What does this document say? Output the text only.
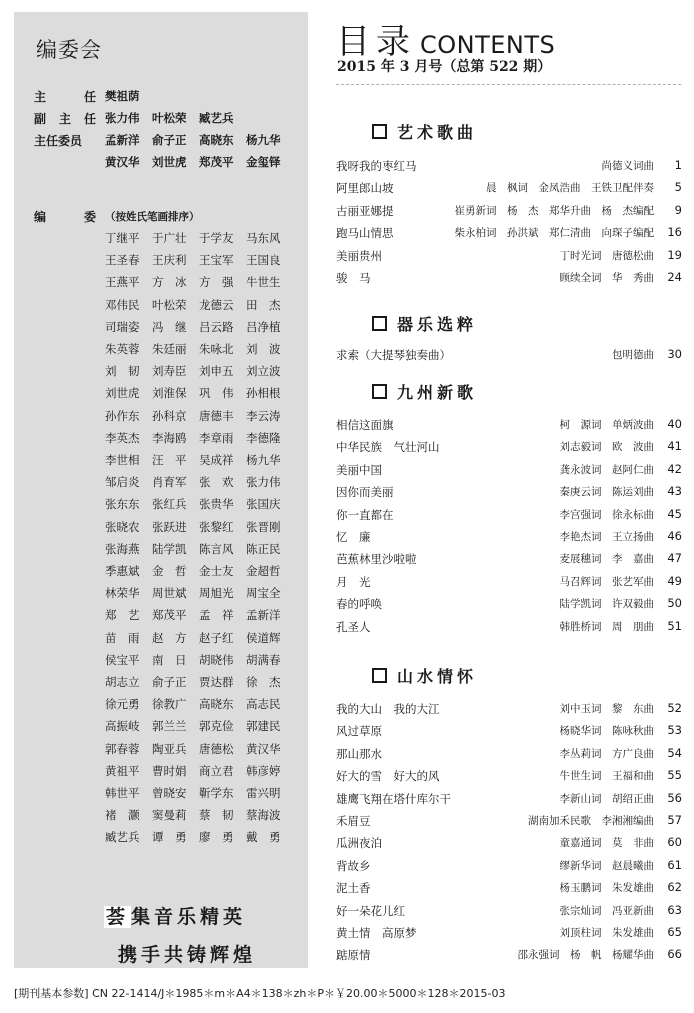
编委会
主	任 樊祖荫
副 主 任 张力伟 叶松荣 臧艺兵
主任委员	孟新洋 俞子正 高晓东 杨九华
黄汉华 刘世虎 郑茂平 金玺铎
编	委 （按姓氏笔画排序）
丁继平 于广壮 于学友 马东风
王圣春 王庆利 王宝军 王国良
王燕平 方　冰 方　强 牛世生
邓伟民 叶松荣 龙德云 田　杰
司瑞姿 冯　继 吕云路 吕净植
朱英蓉 朱廷丽 朱咏北 刘　波
刘　韧 刘寿臣 刘申五 刘立波
刘世虎 刘淮保 巩　伟 孙相根
孙作东 孙科京 唐德丰 李云涛
李英杰 李海鸥 李章雨 李德隆
李世相 汪　平 吴成祥 杨九华
邹启炎 肖育军 张　欢 张力伟
张东东 张红兵 张贵华 张国庆
张晓农 张跃进 张黎红 张晋刚
张海燕 陆学凯 陈言风 陈正民
季惠斌 金　哲 金士友 金超哲
林荣华 周世斌 周旭光 周宝全
郑　艺 郑茂平 孟　祥 孟新洋
苗　雨 赵　方 赵子红 侯道辉
侯宝平 南　日 胡晓伟 胡满春
胡志立 俞子正 贾达群 徐　杰
徐元勇 徐教广 高晓东 高志民
高振岐 郭兰兰 郭克俭 郭建民
郭春蓉 陶亚兵 唐德松 黄汉华
黄祖平 曹时娟 商立君 韩彦婷
韩世平 曾晓安 靳学东 雷兴明
褚　灏 窦曼莉 蔡　韧 蔡海波
臧艺兵 谭　勇 廖　勇 戴　勇
荟 集音乐精英
携手共铸辉煌
目录 CONTENTS
2015 年 3 月号（总第 522 期）
艺术歌曲
我呀我的枣红马	尚德义词曲	1
阿里郎山坡	晨　枫词　金凤浩曲　王铁卫配伴奏	5
古丽亚娜提	崔勇新词　杨　杰　郑华升曲　杨　杰编配	9
跑马山情思	柴永柏词　孙洪斌　郑仁清曲　向琛子编配	16
美丽贵州	丁时光词　唐德松曲	19
骏　马	顾续全词　华　秀曲	24
器乐选粹
求索（大提琴独奏曲）	包明德曲	30
九州新歌
相信这面旗	柯　源词　单炳波曲	40
中华民族　气壮河山	刘志毅词　欧　波曲	41
美丽中国	龚永波词　赵阿仁曲	42
因你而美丽	秦庚云词　陈运刘曲	43
你一直都在	李宫强词　徐永标曲	45
忆　廉	李艳杰词　王立扬曲	46
芭蕉林里沙啦啦	麦展穗词　李　嘉曲	47
月　光	马召辉词　张艺军曲	49
春的呼唤	陆学凯词　许双毅曲	50
孔圣人	韩胜桥词　周　朋曲	51
山水情怀
我的大山　我的大江	刘中玉词　黎　东曲	52
风过草原	杨晓华词　陈咏秋曲	53
那山那水	李丛莉词　方广良曲	54
好大的雪　好大的风	牛世生词　王福和曲	55
雄鹰飞翔在塔什库尔干	李新山词　胡绍正曲	56
禾眉豆	湖南加禾民歌　李湘湘编曲	57
瓜洲夜泊	童嘉通词　莫　非曲	60
背故乡	缪新华词　赵晨曦曲	61
泥土香	杨玉鹏词　朱发雄曲	62
好一朵花儿红	张宗灿词　冯亚新曲	63
黄土情　高原梦	刘顶柱词　朱发雄曲	65
踮原情	邵永强词　杨　帆　杨耀华曲	66
[期刊基本参数] CN 22-1414/J＊1985＊m＊A4＊138＊zh＊P＊￥20.00＊5000＊128＊2015-03
